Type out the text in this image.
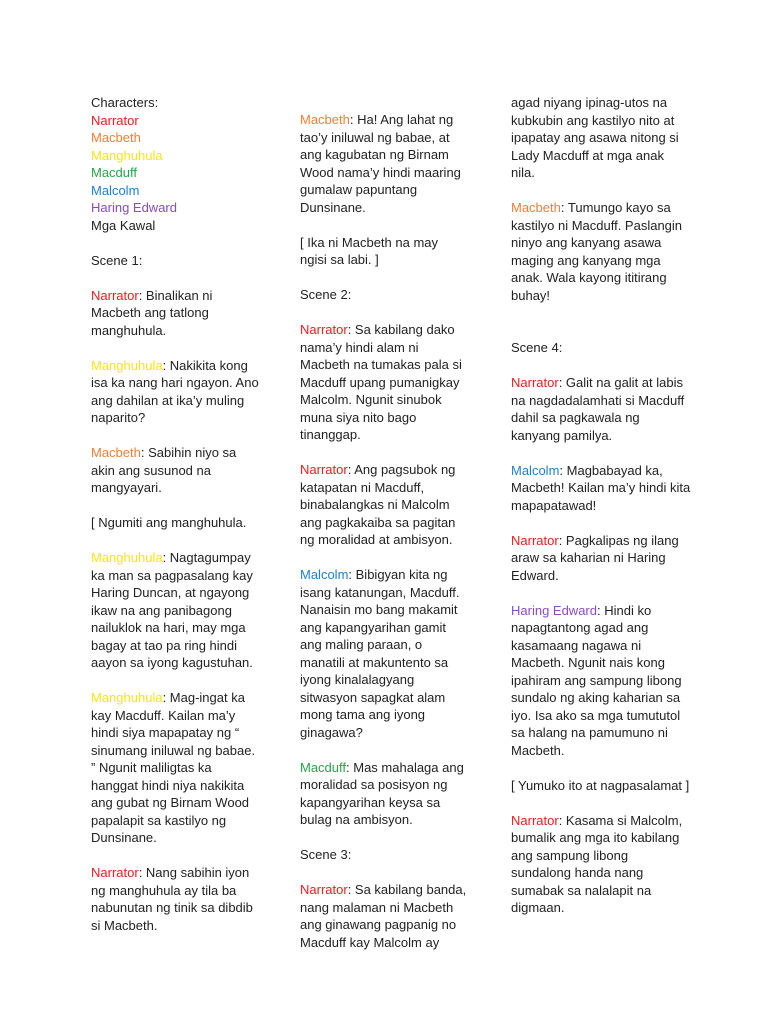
Characters:
Narrator
Macbeth
Manghuhula
Macduff
Malcolm
Haring Edward
Mga Kawal
Scene 1:
Narrator: Binalikan ni Macbeth ang tatlong manghuhula.
Manghuhula: Nakikita kong isa ka nang hari ngayon. Ano ang dahilan at ika’y muling naparito?
Macbeth: Sabihin niyo sa akin ang susunod na mangyayari.
[ Ngumiti ang manghuhula.
Manghuhula: Nagtagumpay ka man sa pagpasalang kay Haring Duncan, at ngayong ikaw na ang panibagong nailuklok na hari, may mga bagay at tao pa ring hindi aayon sa iyong kagustuhan.
Manghuhula: Mag-ingat ka kay Macduff. Kailan ma’y hindi siya mapapatay ng “ sinumang iniluwal ng babae. ” Ngunit maliligtas ka hanggat hindi niya nakikita ang gubat ng Birnam Wood papalapit sa kastilyo ng Dunsinane.
Narrator: Nang sabihin iyon ng manghuhula ay tila ba nabunutan ng tinik sa dibdib si Macbeth.
Macbeth: Ha! Ang lahat ng tao’y iniluwal ng babae, at ang kagubatan ng Birnam Wood nama’y hindi maaring gumalaw papuntang Dunsinane.
[ Ika ni Macbeth na may ngisi sa labi. ]
Scene 2:
Narrator: Sa kabilang dako nama’y hindi alam ni Macbeth na tumakas pala si Macduff upang pumanigkay Malcolm. Ngunit sinubok muna siya nito bago tinanggap.
Narrator: Ang pagsubok ng katapatan ni Macduff, binabalangkas ni Malcolm ang pagkakaiba sa pagitan ng moralidad at ambisyon.
Malcolm: Bibigyan kita ng isang katanungan, Macduff. Nanaisin mo bang makamit ang kapangyarihan gamit ang maling paraan, o manatili at makuntento sa iyong kinalalagyang sitwasyon sapagkat alam mong tama ang iyong ginagawa?
Macduff: Mas mahalaga ang moralidad sa posisyon ng kapangyarihan keysa sa bulag na ambisyon.
Scene 3:
Narrator: Sa kabilang banda, nang malaman ni Macbeth ang ginawang pagpanig no Macduff kay Malcolm ay
agad niyang ipinag-utos na kubkubin ang kastilyo nito at ipapatay ang asawa nitong si Lady Macduff at mga anak nila.
Macbeth: Tumungo kayo sa kastilyo ni Macduff. Paslangin ninyo ang kanyang asawa maging ang kanyang mga anak. Wala kayong ititirang buhay!
Scene 4:
Narrator: Galit na galit at labis na nagdadalamhati si Macduff dahil sa pagkawala ng kanyang pamilya.
Malcolm: Magbabayad ka, Macbeth! Kailan ma’y hindi kita mapapatawad!
Narrator: Pagkalipas ng ilang araw sa kaharian ni Haring Edward.
Haring Edward: Hindi ko napagtantong agad ang kasamaang nagawa ni Macbeth. Ngunit nais kong ipahiram ang sampung libong sundalo ng aking kaharian sa iyo. Isa ako sa mga tumututol sa halang na pamumuno ni Macbeth.
[ Yumuko ito at nagpasalamat ]
Narrator: Kasama si Malcolm, bumalik ang mga ito kabilang ang sampung libong sundalong handa nang sumabak sa nalalapit na digmaan.
